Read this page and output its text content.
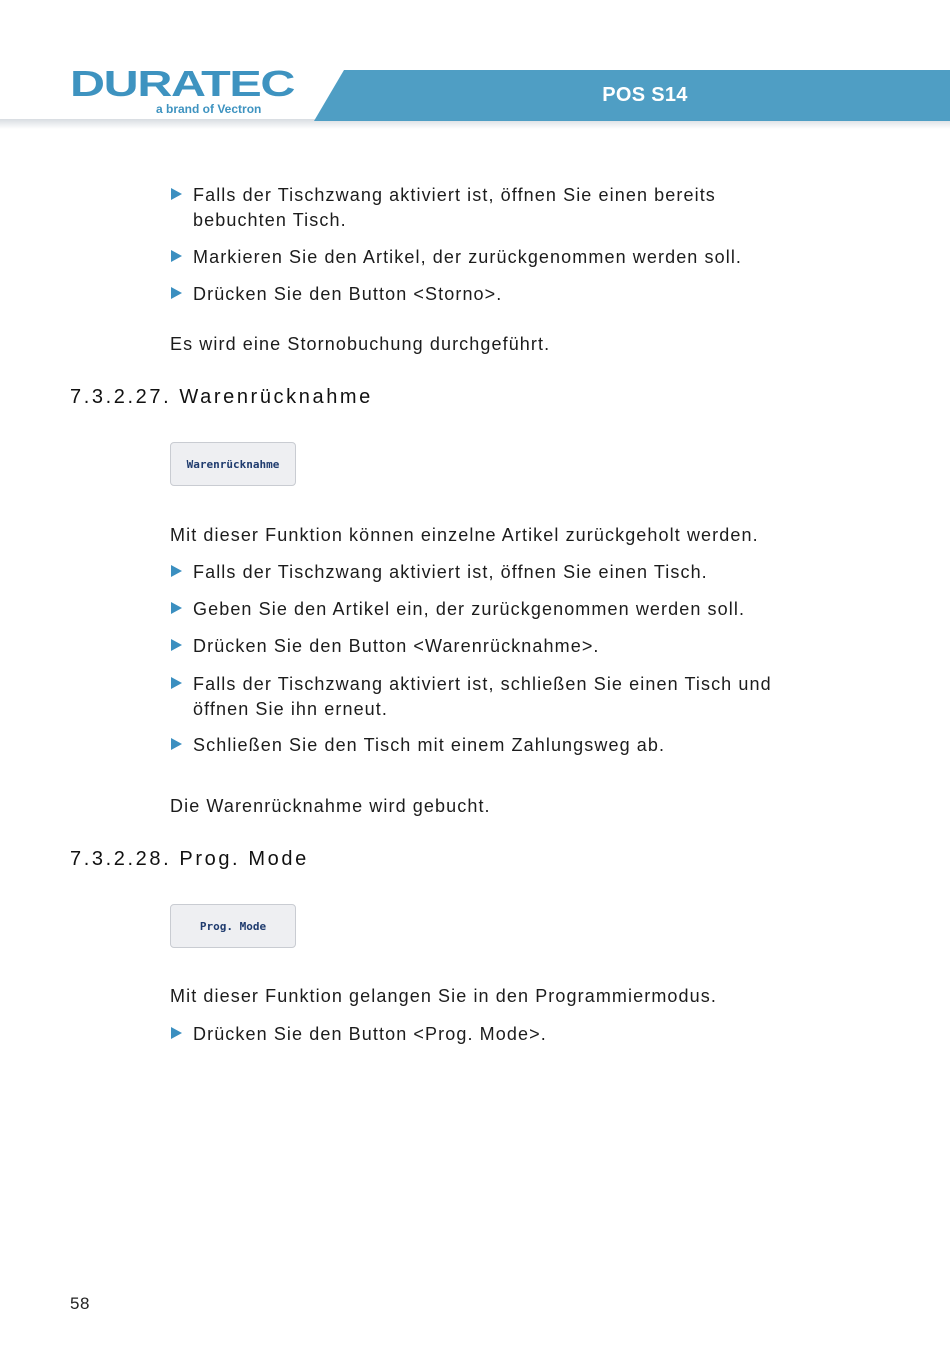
POS S14
DURATEC
a brand of Vectron
Falls der Tischzwang aktiviert ist, öffnen Sie einen bereits bebuchten Tisch.
Markieren Sie den Artikel, der zurückgenommen werden soll.
Drücken Sie den Button <Storno>.
Es wird eine Stornobuchung durchgeführt.
7.3.2.27. Warenrücknahme
Warenrücknahme
Mit dieser Funktion können einzelne Artikel zurückgeholt werden.
Falls der Tischzwang aktiviert ist, öffnen Sie einen Tisch.
Geben Sie den Artikel ein, der zurückgenommen werden soll.
Drücken Sie den Button <Warenrücknahme>.
Falls der Tischzwang aktiviert ist, schließen Sie einen Tisch und öffnen Sie ihn erneut.
Schließen Sie den Tisch mit einem Zahlungsweg ab.
Die Warenrücknahme wird gebucht.
7.3.2.28. Prog. Mode
Prog. Mode
Mit dieser Funktion gelangen Sie in den Programmiermodus.
Drücken Sie den Button <Prog. Mode>.
58
